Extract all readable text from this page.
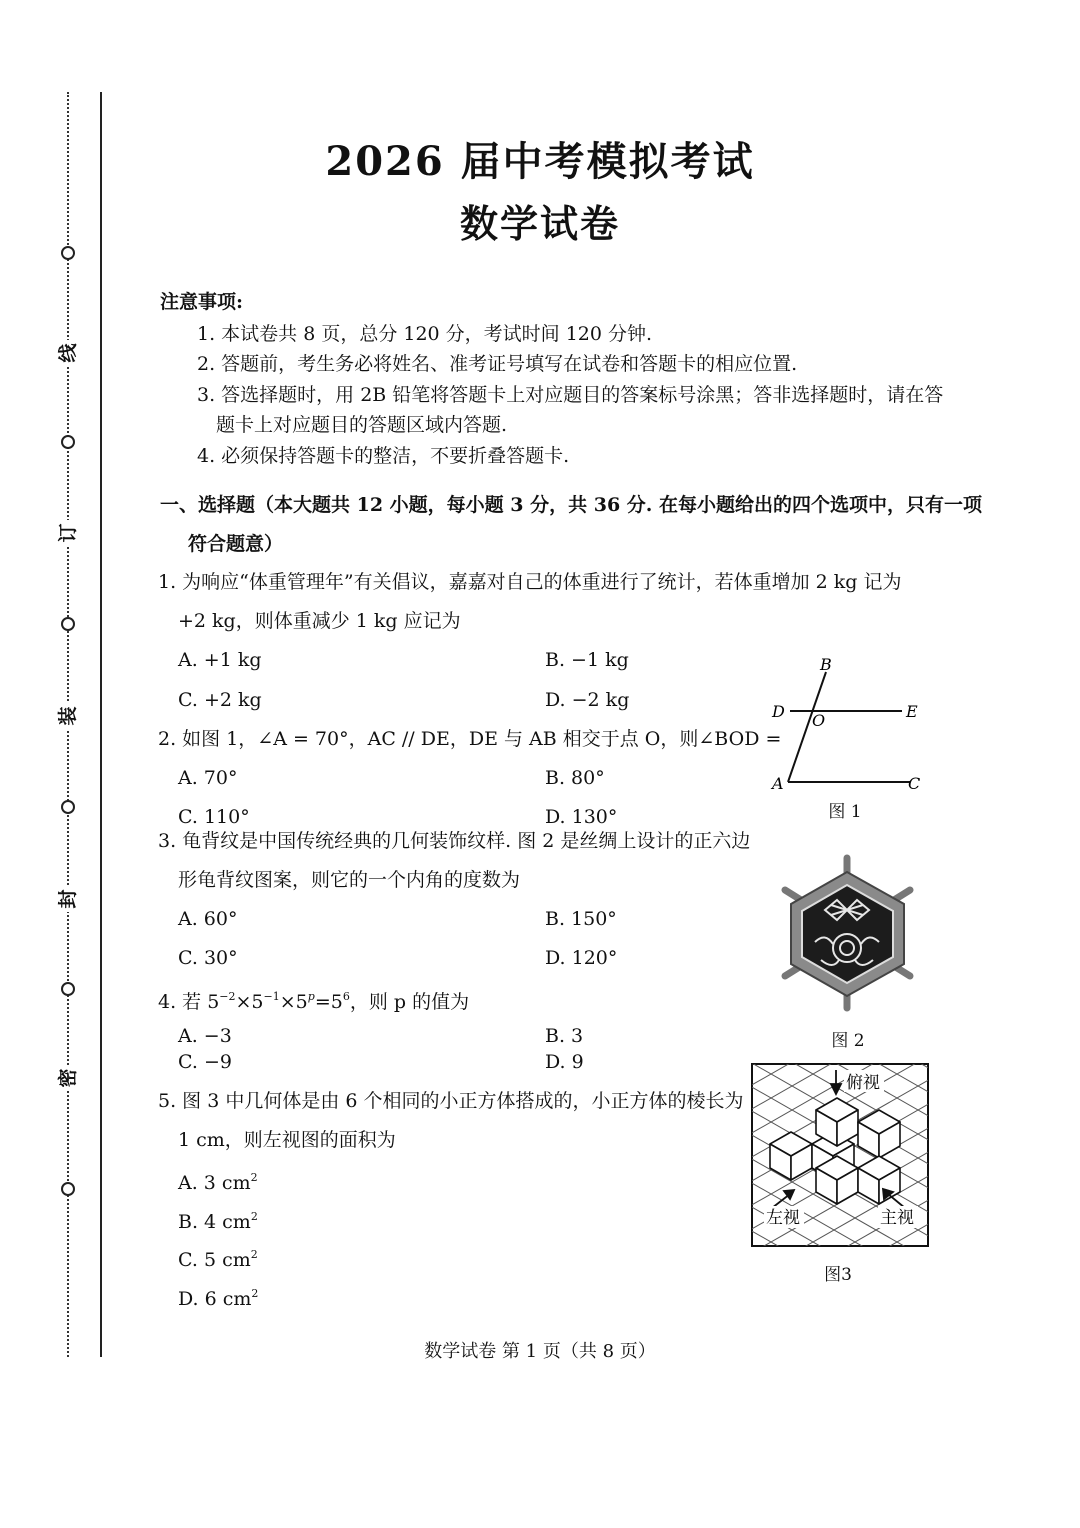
线
订
装
封
密
2026 届中考模拟考试
数学试卷
注意事项:
1. 本试卷共 8 页，总分 120 分，考试时间 120 分钟.
2. 答题前，考生务必将姓名、准考证号填写在试卷和答题卡的相应位置.
3. 答选择题时，用 2B 铅笔将答题卡上对应题目的答案标号涂黑；答非选择题时，请在答
题卡上对应题目的答题区域内答题.
4. 必须保持答题卡的整洁，不要折叠答题卡.
一、选择题（本大题共 12 小题，每小题 3 分，共 36 分. 在每小题给出的四个选项中，只有一项
符合题意）
1. 为响应“体重管理年”有关倡议，嘉嘉对自己的体重进行了统计，若体重增加 2 kg 记为
+2 kg，则体重减少 1 kg 应记为
A. +1 kg	B. −1 kg
C. +2 kg	D. −2 kg
2. 如图 1，∠A = 70°，AC // DE，DE 与 AB 相交于点 O，则∠BOD =
A. 70°	B. 80°
C. 110°	D. 130°
3. 龟背纹是中国传统经典的几何装饰纹样. 图 2 是丝绸上设计的正六边
形龟背纹图案，则它的一个内角的度数为
A. 60°	B. 150°
C. 30°	D. 120°
4. 若 $5^{-2}\times 5^{-1}\times 5^p=5^6$，则 p 的值为
A. −3	B. 3
C. −9	D. 9
5. 图 3 中几何体是由 6 个相同的小正方体搭成的，小正方体的棱长为
1 cm，则左视图的面积为
A. 3 $cm^2$
B. 4 $cm^2$
C. 5 $cm^2$
D. 6 $cm^2$
B
D O	E
A	C
图 1
图 2
俯视
左视	主视
图3
数学试卷 第 1 页（共 8 页）
